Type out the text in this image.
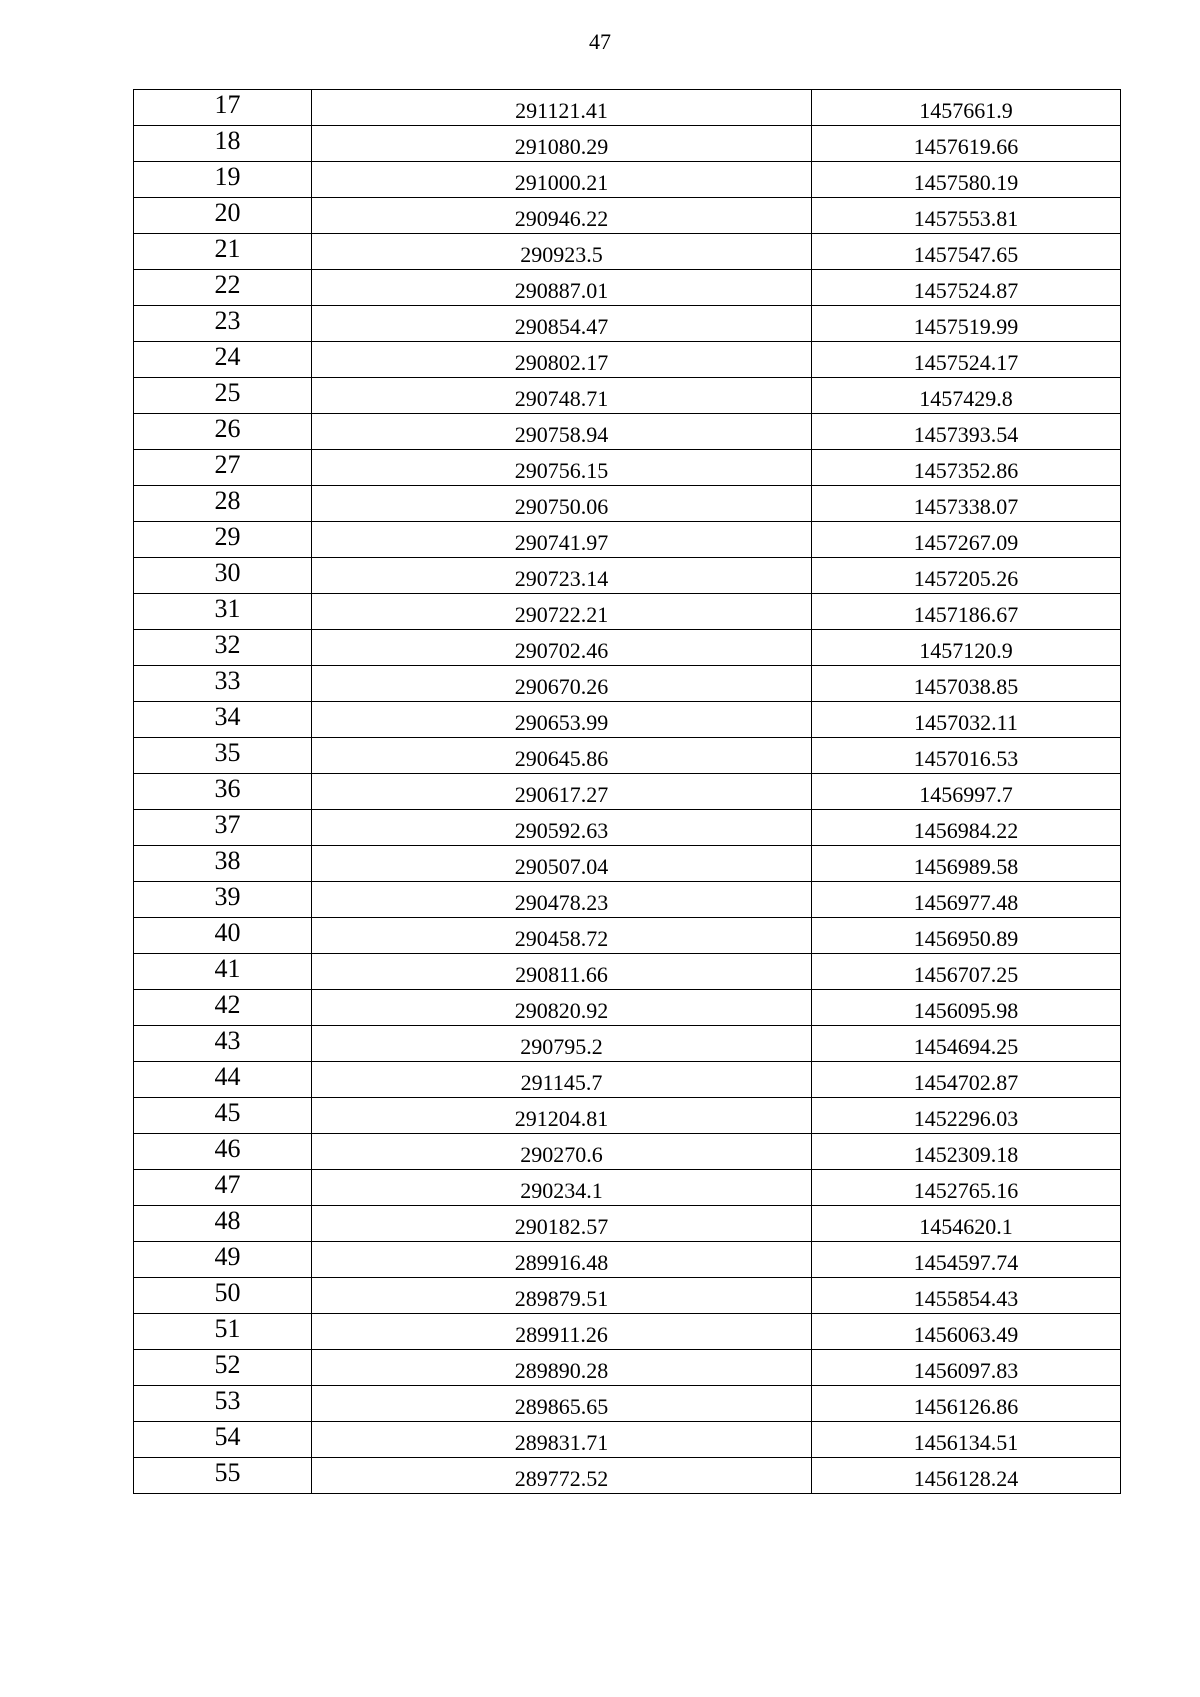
47
17	291121.41	1457661.9

18	291080.29	1457619.66

19	291000.21	1457580.19

20	290946.22	1457553.81

21	290923.5	1457547.65

22	290887.01	1457524.87

23	290854.47	1457519.99

24	290802.17	1457524.17

25	290748.71	1457429.8

26	290758.94	1457393.54

27	290756.15	1457352.86

28	290750.06	1457338.07

29	290741.97	1457267.09

30	290723.14	1457205.26

31	290722.21	1457186.67

32	290702.46	1457120.9

33	290670.26	1457038.85

34	290653.99	1457032.11

35	290645.86	1457016.53

36	290617.27	1456997.7

37	290592.63	1456984.22

38	290507.04	1456989.58

39	290478.23	1456977.48

40	290458.72	1456950.89

41	290811.66	1456707.25

42	290820.92	1456095.98

43	290795.2	1454694.25

44	291145.7	1454702.87

45	291204.81	1452296.03

46	290270.6	1452309.18

47	290234.1	1452765.16

48	290182.57	1454620.1

49	289916.48	1454597.74

50	289879.51	1455854.43

51	289911.26	1456063.49

52	289890.28	1456097.83

53	289865.65	1456126.86

54	289831.71	1456134.51

55	289772.52	1456128.24
